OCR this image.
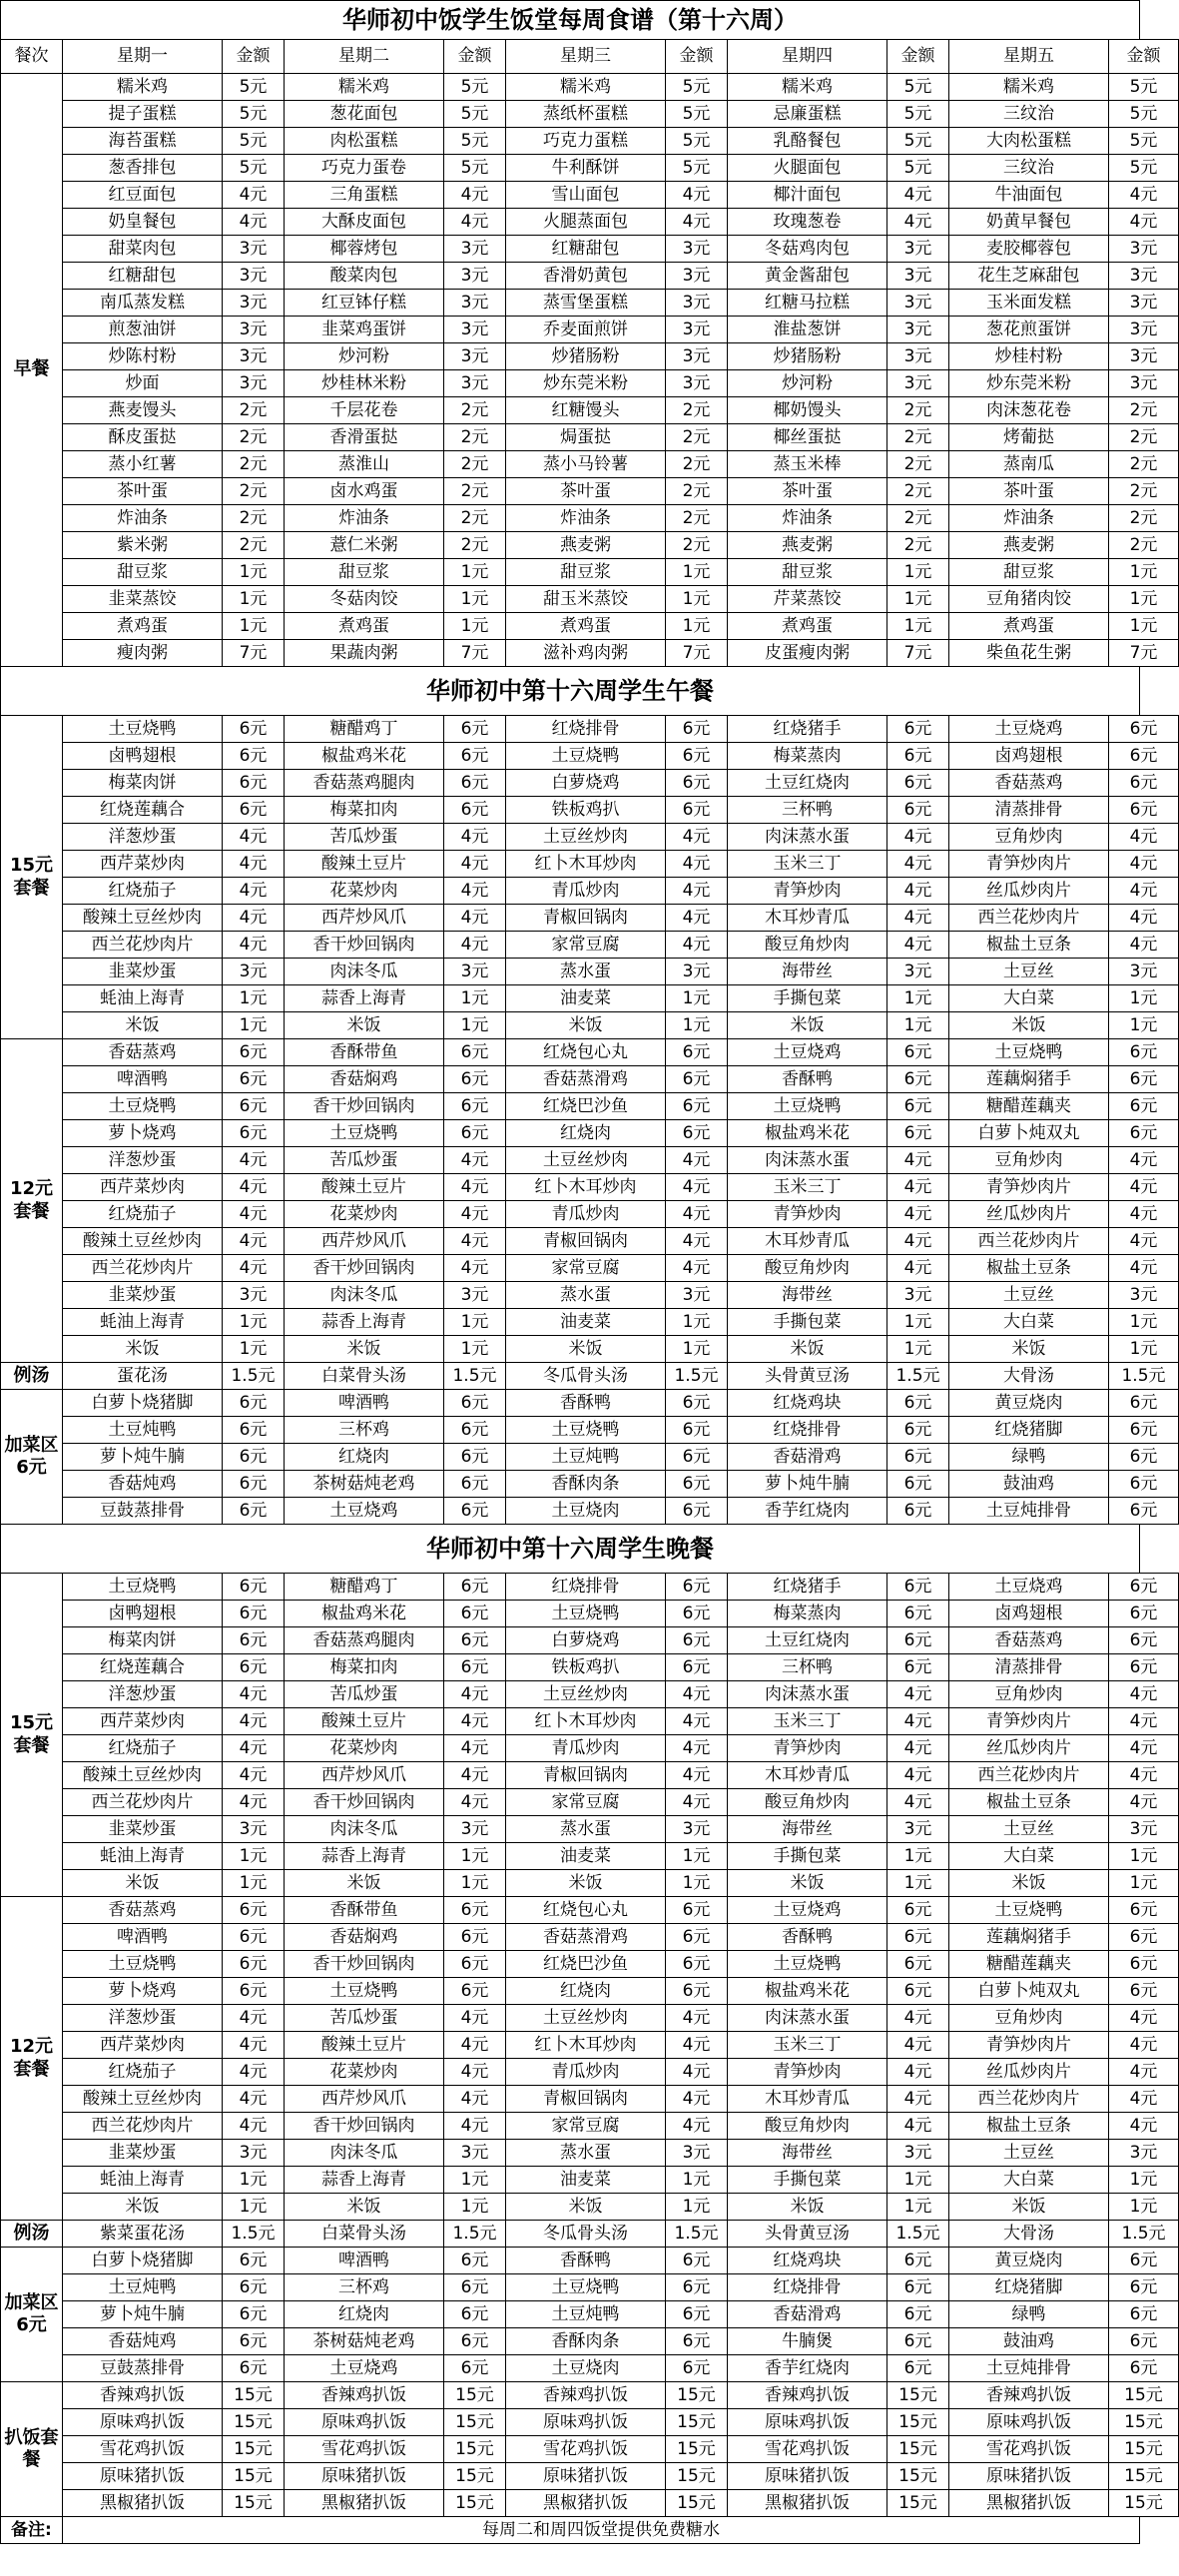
华师初中饭学生饭堂每周食谱（第十六周）										
餐次	星期一	金额	星期二	金额	星期三	金额	星期四	金额	星期五	金额
早餐	糯米鸡	5元	糯米鸡	5元	糯米鸡	5元	糯米鸡	5元	糯米鸡	5元
	提子蛋糕	5元	葱花面包	5元	蒸纸杯蛋糕	5元	忌廉蛋糕	5元	三纹治	5元
	海苔蛋糕	5元	肉松蛋糕	5元	巧克力蛋糕	5元	乳酪餐包	5元	大肉松蛋糕	5元
	葱香排包	5元	巧克力蛋卷	5元	牛利酥饼	5元	火腿面包	5元	三纹治	5元
	红豆面包	4元	三角蛋糕	4元	雪山面包	4元	椰汁面包	4元	牛油面包	4元
	奶皇餐包	4元	大酥皮面包	4元	火腿蒸面包	4元	玫瑰葱卷	4元	奶黄早餐包	4元
	甜菜肉包	3元	椰蓉烤包	3元	红糖甜包	3元	冬菇鸡肉包	3元	麦胶椰蓉包	3元
	红糖甜包	3元	酸菜肉包	3元	香滑奶黄包	3元	黄金酱甜包	3元	花生芝麻甜包	3元
	南瓜蒸发糕	3元	红豆钵仔糕	3元	蒸雪堡蛋糕	3元	红糖马拉糕	3元	玉米面发糕	3元
	煎葱油饼	3元	韭菜鸡蛋饼	3元	乔麦面煎饼	3元	淮盐葱饼	3元	葱花煎蛋饼	3元
	炒陈村粉	3元	炒河粉	3元	炒猪肠粉	3元	炒猪肠粉	3元	炒桂村粉	3元
	炒面	3元	炒桂林米粉	3元	炒东莞米粉	3元	炒河粉	3元	炒东莞米粉	3元
	燕麦馒头	2元	千层花卷	2元	红糖馒头	2元	椰奶馒头	2元	肉沫葱花卷	2元
	酥皮蛋挞	2元	香滑蛋挞	2元	焗蛋挞	2元	椰丝蛋挞	2元	烤葡挞	2元
	蒸小红薯	2元	蒸淮山	2元	蒸小马铃薯	2元	蒸玉米棒	2元	蒸南瓜	2元
	茶叶蛋	2元	卤水鸡蛋	2元	茶叶蛋	2元	茶叶蛋	2元	茶叶蛋	2元
	炸油条	2元	炸油条	2元	炸油条	2元	炸油条	2元	炸油条	2元
	紫米粥	2元	薏仁米粥	2元	燕麦粥	2元	燕麦粥	2元	燕麦粥	2元
	甜豆浆	1元	甜豆浆	1元	甜豆浆	1元	甜豆浆	1元	甜豆浆	1元
	韭菜蒸饺	1元	冬菇肉饺	1元	甜玉米蒸饺	1元	芹菜蒸饺	1元	豆角猪肉饺	1元
	煮鸡蛋	1元	煮鸡蛋	1元	煮鸡蛋	1元	煮鸡蛋	1元	煮鸡蛋	1元
	瘦肉粥	7元	果蔬肉粥	7元	滋补鸡肉粥	7元	皮蛋瘦肉粥	7元	柴鱼花生粥	7元
华师初中第十六周学生午餐										
15元套餐	土豆烧鸭	6元	糖醋鸡丁	6元	红烧排骨	6元	红烧猪手	6元	土豆烧鸡	6元
	卤鸭翅根	6元	椒盐鸡米花	6元	土豆烧鸭	6元	梅菜蒸肉	6元	卤鸡翅根	6元
	梅菜肉饼	6元	香菇蒸鸡腿肉	6元	白萝烧鸡	6元	土豆红烧肉	6元	香菇蒸鸡	6元
	红烧莲藕合	6元	梅菜扣肉	6元	铁板鸡扒	6元	三杯鸭	6元	清蒸排骨	6元
	洋葱炒蛋	4元	苦瓜炒蛋	4元	土豆丝炒肉	4元	肉沫蒸水蛋	4元	豆角炒肉	4元
	西芹菜炒肉	4元	酸辣土豆片	4元	红卜木耳炒肉	4元	玉米三丁	4元	青笋炒肉片	4元
	红烧茄子	4元	花菜炒肉	4元	青瓜炒肉	4元	青笋炒肉	4元	丝瓜炒肉片	4元
	酸辣土豆丝炒肉	4元	西芹炒风爪	4元	青椒回锅肉	4元	木耳炒青瓜	4元	西兰花炒肉片	4元
	西兰花炒肉片	4元	香干炒回锅肉	4元	家常豆腐	4元	酸豆角炒肉	4元	椒盐土豆条	4元
	韭菜炒蛋	3元	肉沫冬瓜	3元	蒸水蛋	3元	海带丝	3元	土豆丝	3元
	蚝油上海青	1元	蒜香上海青	1元	油麦菜	1元	手撕包菜	1元	大白菜	1元
	米饭	1元	米饭	1元	米饭	1元	米饭	1元	米饭	1元
12元套餐	香菇蒸鸡	6元	香酥带鱼	6元	红烧包心丸	6元	土豆烧鸡	6元	土豆烧鸭	6元
	啤酒鸭	6元	香菇焖鸡	6元	香菇蒸滑鸡	6元	香酥鸭	6元	莲藕焖猪手	6元
	土豆烧鸭	6元	香干炒回锅肉	6元	红烧巴沙鱼	6元	土豆烧鸭	6元	糖醋莲藕夹	6元
	萝卜烧鸡	6元	土豆烧鸭	6元	红烧肉	6元	椒盐鸡米花	6元	白萝卜炖双丸	6元
	洋葱炒蛋	4元	苦瓜炒蛋	4元	土豆丝炒肉	4元	肉沫蒸水蛋	4元	豆角炒肉	4元
	西芹菜炒肉	4元	酸辣土豆片	4元	红卜木耳炒肉	4元	玉米三丁	4元	青笋炒肉片	4元
	红烧茄子	4元	花菜炒肉	4元	青瓜炒肉	4元	青笋炒肉	4元	丝瓜炒肉片	4元
	酸辣土豆丝炒肉	4元	西芹炒风爪	4元	青椒回锅肉	4元	木耳炒青瓜	4元	西兰花炒肉片	4元
	西兰花炒肉片	4元	香干炒回锅肉	4元	家常豆腐	4元	酸豆角炒肉	4元	椒盐土豆条	4元
	韭菜炒蛋	3元	肉沫冬瓜	3元	蒸水蛋	3元	海带丝	3元	土豆丝	3元
	蚝油上海青	1元	蒜香上海青	1元	油麦菜	1元	手撕包菜	1元	大白菜	1元
	米饭	1元	米饭	1元	米饭	1元	米饭	1元	米饭	1元
例汤	蛋花汤	1.5元	白菜骨头汤	1.5元	冬瓜骨头汤	1.5元	头骨黄豆汤	1.5元	大骨汤	1.5元
加菜区6元	白萝卜烧猪脚	6元	啤酒鸭	6元	香酥鸭	6元	红烧鸡块	6元	黄豆烧肉	6元
	土豆炖鸭	6元	三杯鸡	6元	土豆烧鸭	6元	红烧排骨	6元	红烧猪脚	6元
	萝卜炖牛腩	6元	红烧肉	6元	土豆炖鸭	6元	香菇滑鸡	6元	绿鸭	6元
	香菇炖鸡	6元	茶树菇炖老鸡	6元	香酥肉条	6元	萝卜炖牛腩	6元	鼓油鸡	6元
	豆鼓蒸排骨	6元	土豆烧鸡	6元	土豆烧肉	6元	香芋红烧肉	6元	土豆炖排骨	6元
华师初中第十六周学生晚餐										
15元套餐	土豆烧鸭	6元	糖醋鸡丁	6元	红烧排骨	6元	红烧猪手	6元	土豆烧鸡	6元
	卤鸭翅根	6元	椒盐鸡米花	6元	土豆烧鸭	6元	梅菜蒸肉	6元	卤鸡翅根	6元
	梅菜肉饼	6元	香菇蒸鸡腿肉	6元	白萝烧鸡	6元	土豆红烧肉	6元	香菇蒸鸡	6元
	红烧莲藕合	6元	梅菜扣肉	6元	铁板鸡扒	6元	三杯鸭	6元	清蒸排骨	6元
	洋葱炒蛋	4元	苦瓜炒蛋	4元	土豆丝炒肉	4元	肉沫蒸水蛋	4元	豆角炒肉	4元
	西芹菜炒肉	4元	酸辣土豆片	4元	红卜木耳炒肉	4元	玉米三丁	4元	青笋炒肉片	4元
	红烧茄子	4元	花菜炒肉	4元	青瓜炒肉	4元	青笋炒肉	4元	丝瓜炒肉片	4元
	酸辣土豆丝炒肉	4元	西芹炒风爪	4元	青椒回锅肉	4元	木耳炒青瓜	4元	西兰花炒肉片	4元
	西兰花炒肉片	4元	香干炒回锅肉	4元	家常豆腐	4元	酸豆角炒肉	4元	椒盐土豆条	4元
	韭菜炒蛋	3元	肉沫冬瓜	3元	蒸水蛋	3元	海带丝	3元	土豆丝	3元
	蚝油上海青	1元	蒜香上海青	1元	油麦菜	1元	手撕包菜	1元	大白菜	1元
	米饭	1元	米饭	1元	米饭	1元	米饭	1元	米饭	1元
12元套餐	香菇蒸鸡	6元	香酥带鱼	6元	红烧包心丸	6元	土豆烧鸡	6元	土豆烧鸭	6元
	啤酒鸭	6元	香菇焖鸡	6元	香菇蒸滑鸡	6元	香酥鸭	6元	莲藕焖猪手	6元
	土豆烧鸭	6元	香干炒回锅肉	6元	红烧巴沙鱼	6元	土豆烧鸭	6元	糖醋莲藕夹	6元
	萝卜烧鸡	6元	土豆烧鸭	6元	红烧肉	6元	椒盐鸡米花	6元	白萝卜炖双丸	6元
	洋葱炒蛋	4元	苦瓜炒蛋	4元	土豆丝炒肉	4元	肉沫蒸水蛋	4元	豆角炒肉	4元
	西芹菜炒肉	4元	酸辣土豆片	4元	红卜木耳炒肉	4元	玉米三丁	4元	青笋炒肉片	4元
	红烧茄子	4元	花菜炒肉	4元	青瓜炒肉	4元	青笋炒肉	4元	丝瓜炒肉片	4元
	酸辣土豆丝炒肉	4元	西芹炒风爪	4元	青椒回锅肉	4元	木耳炒青瓜	4元	西兰花炒肉片	4元
	西兰花炒肉片	4元	香干炒回锅肉	4元	家常豆腐	4元	酸豆角炒肉	4元	椒盐土豆条	4元
	韭菜炒蛋	3元	肉沫冬瓜	3元	蒸水蛋	3元	海带丝	3元	土豆丝	3元
	蚝油上海青	1元	蒜香上海青	1元	油麦菜	1元	手撕包菜	1元	大白菜	1元
	米饭	1元	米饭	1元	米饭	1元	米饭	1元	米饭	1元
例汤	紫菜蛋花汤	1.5元	白菜骨头汤	1.5元	冬瓜骨头汤	1.5元	头骨黄豆汤	1.5元	大骨汤	1.5元
加菜区6元	白萝卜烧猪脚	6元	啤酒鸭	6元	香酥鸭	6元	红烧鸡块	6元	黄豆烧肉	6元
	土豆炖鸭	6元	三杯鸡	6元	土豆烧鸭	6元	红烧排骨	6元	红烧猪脚	6元
	萝卜炖牛腩	6元	红烧肉	6元	土豆炖鸭	6元	香菇滑鸡	6元	绿鸭	6元
	香菇炖鸡	6元	茶树菇炖老鸡	6元	香酥肉条	6元	牛腩煲	6元	鼓油鸡	6元
	豆鼓蒸排骨	6元	土豆烧鸡	6元	土豆烧肉	6元	香芋红烧肉	6元	土豆炖排骨	6元
扒饭套餐	香辣鸡扒饭	15元	香辣鸡扒饭	15元	香辣鸡扒饭	15元	香辣鸡扒饭	15元	香辣鸡扒饭	15元
	原味鸡扒饭	15元	原味鸡扒饭	15元	原味鸡扒饭	15元	原味鸡扒饭	15元	原味鸡扒饭	15元
	雪花鸡扒饭	15元	雪花鸡扒饭	15元	雪花鸡扒饭	15元	雪花鸡扒饭	15元	雪花鸡扒饭	15元
	原味猪扒饭	15元	原味猪扒饭	15元	原味猪扒饭	15元	原味猪扒饭	15元	原味猪扒饭	15元
	黑椒猪扒饭	15元	黑椒猪扒饭	15元	黑椒猪扒饭	15元	黑椒猪扒饭	15元	黑椒猪扒饭	15元
备注:	每周二和周四饭堂提供免费糖水									
